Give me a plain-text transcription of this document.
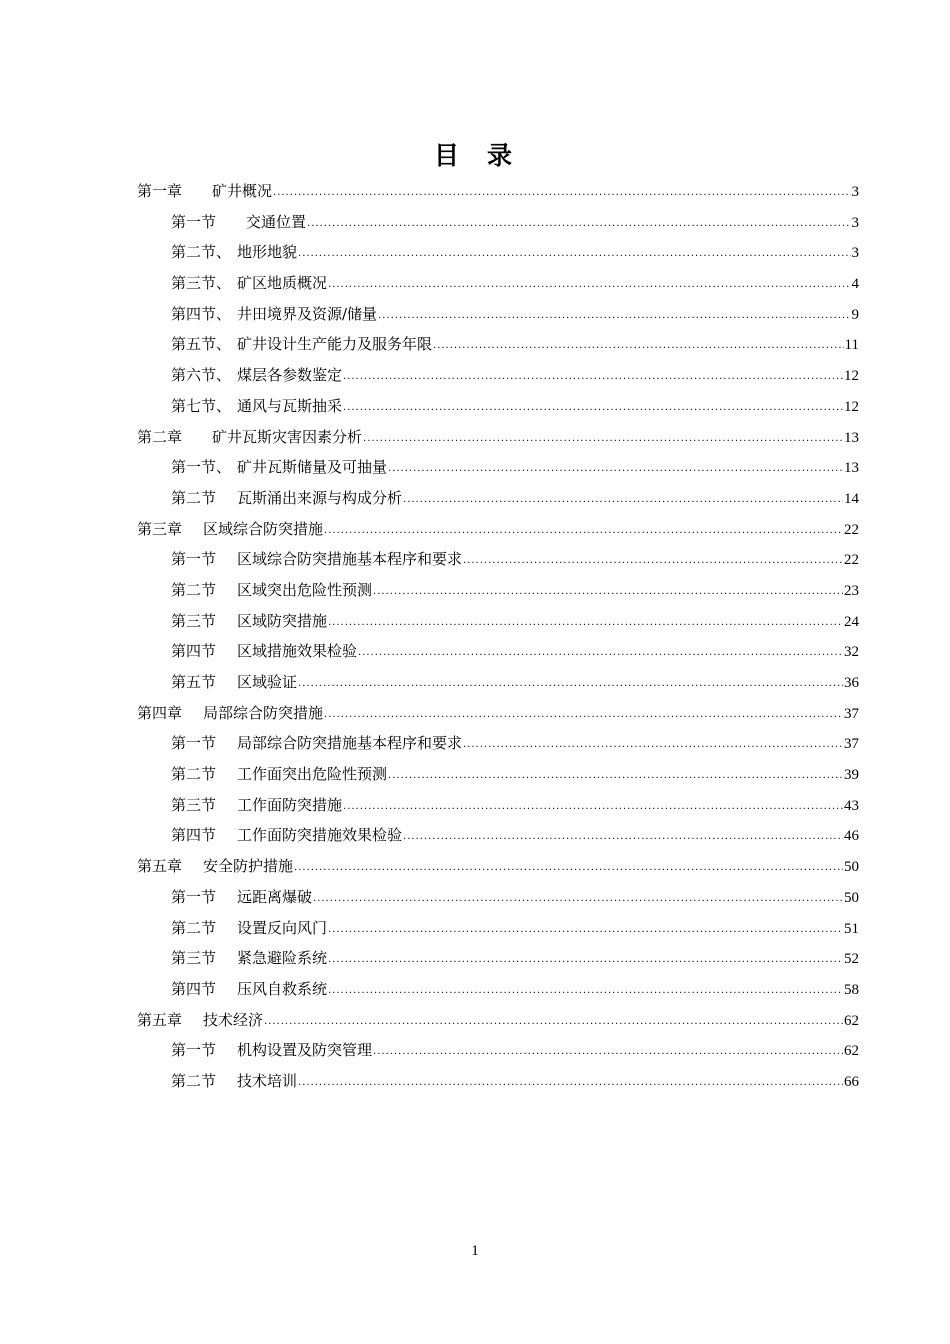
目 录
第一章	矿井概况 .....	3
第一节	交通位置 .....	3
第二节、 地形地貌 .....	3
第三节、 矿区地质概况 .....	4
第四节、 井田境界及资源/储量 .....	9
第五节、 矿井设计生产能力及服务年限 .....	11
第六节、 煤层各参数鉴定 .....	12
第七节、 通风与瓦斯抽采 .....	12
第二章	矿井瓦斯灾害因素分析 .....	13
第一节、 矿井瓦斯储量及可抽量 .....	13
第二节	瓦斯涌出来源与构成分析 .....	14
第三章	区域综合防突措施 .....	22
第一节	区域综合防突措施基本程序和要求 .....	22
第二节	区域突出危险性预测 .....	23
第三节	区域防突措施 .....	24
第四节	区域措施效果检验 .....	32
第五节	区域验证 .....	36
第四章	局部综合防突措施 .....	37
第一节	局部综合防突措施基本程序和要求 .....	37
第二节	工作面突出危险性预测 .....	39
第三节	工作面防突措施 .....	43
第四节	工作面防突措施效果检验 .....	46
第五章	安全防护措施 .....	50
第一节	远距离爆破 .....	50
第二节	设置反向风门 .....	51
第三节	紧急避险系统 .....	52
第四节	压风自救系统 .....	58
第五章	技术经济 .....	62
第一节	机构设置及防突管理 .....	62
第二节	技术培训 .....	66
1
